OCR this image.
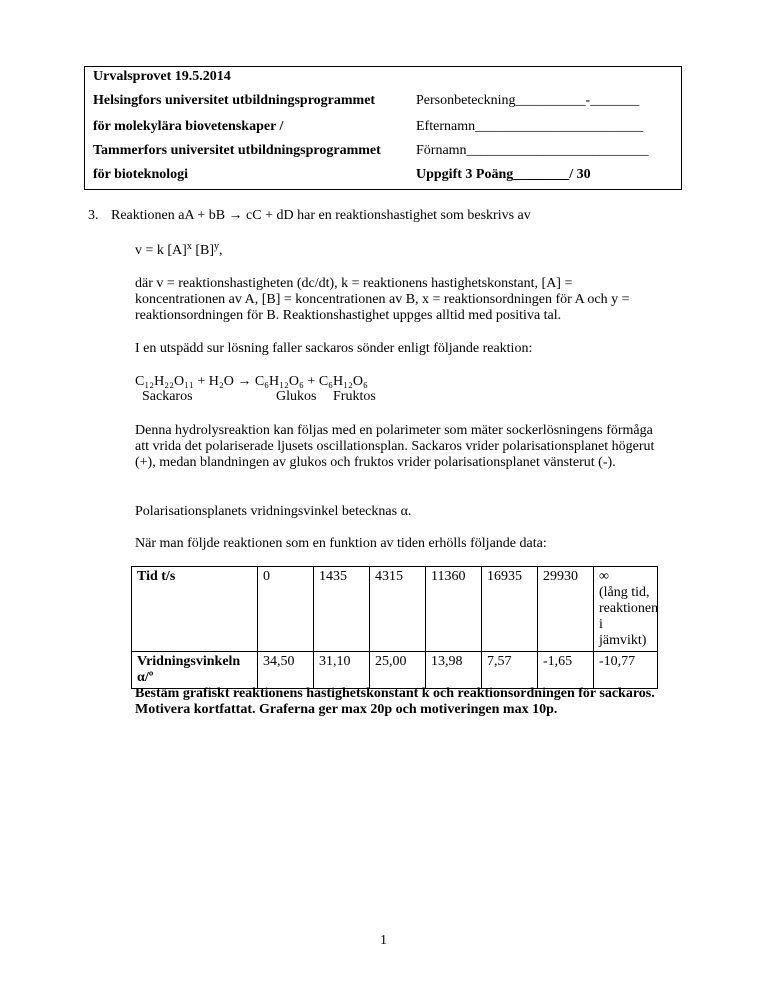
Urvalsprovet 19.5.2014
Helsingfors universitet utbildningsprogrammet
för molekylära biovetenskaper /
Tammerfors universitet utbildningsprogrammet
för bioteknologi
Personbeteckning__________-_______
Efternamn________________________
Förnamn__________________________
Uppgift 3 Poäng________/ 30
3. Reaktionen aA + bB → cC + dD har en reaktionshastighet som beskrivs av
v = k $[A]^x$ $[B]^y$,
där v = reaktionshastigheten (dc/dt), k = reaktionens hastighetskonstant, [A] = koncentrationen av A, [B] = koncentrationen av B, x = reaktionsordningen för A och y = reaktionsordningen för B. Reaktionshastighet uppges alltid med positiva tal.
I en utspädd sur lösning faller sackaros sönder enligt följande reaktion:
C₁₂H₂₂O₁₁ + H₂O → C₆H₁₂O₆ + C₆H₁₂O₆
Sackaros	Glukos Fruktos
Denna hydrolysreaktion kan följas med en polarimeter som mäter sockerlösningens förmåga att vrida det polariserade ljusets oscillationsplan. Sackaros vrider polarisationsplanet högerut (+), medan blandningen av glukos och fruktos vrider polarisationsplanet vänsterut (-).
Polarisationsplanets vridningsvinkel betecknas α.
När man följde reaktionen som en funktion av tiden erhölls följande data:
Tid t/s	0	1435	4315	11360	16935	29930	∞
(lång tid, reaktionen i jämvikt)

Vridningsvinkeln α/º	34,50	31,10	25,00	13,98	7,57	-1,65	-10,77
Bestäm grafiskt reaktionens hastighetskonstant k och reaktionsordningen för sackaros. Motivera kortfattat. Graferna ger max 20p och motiveringen max 10p.
1
